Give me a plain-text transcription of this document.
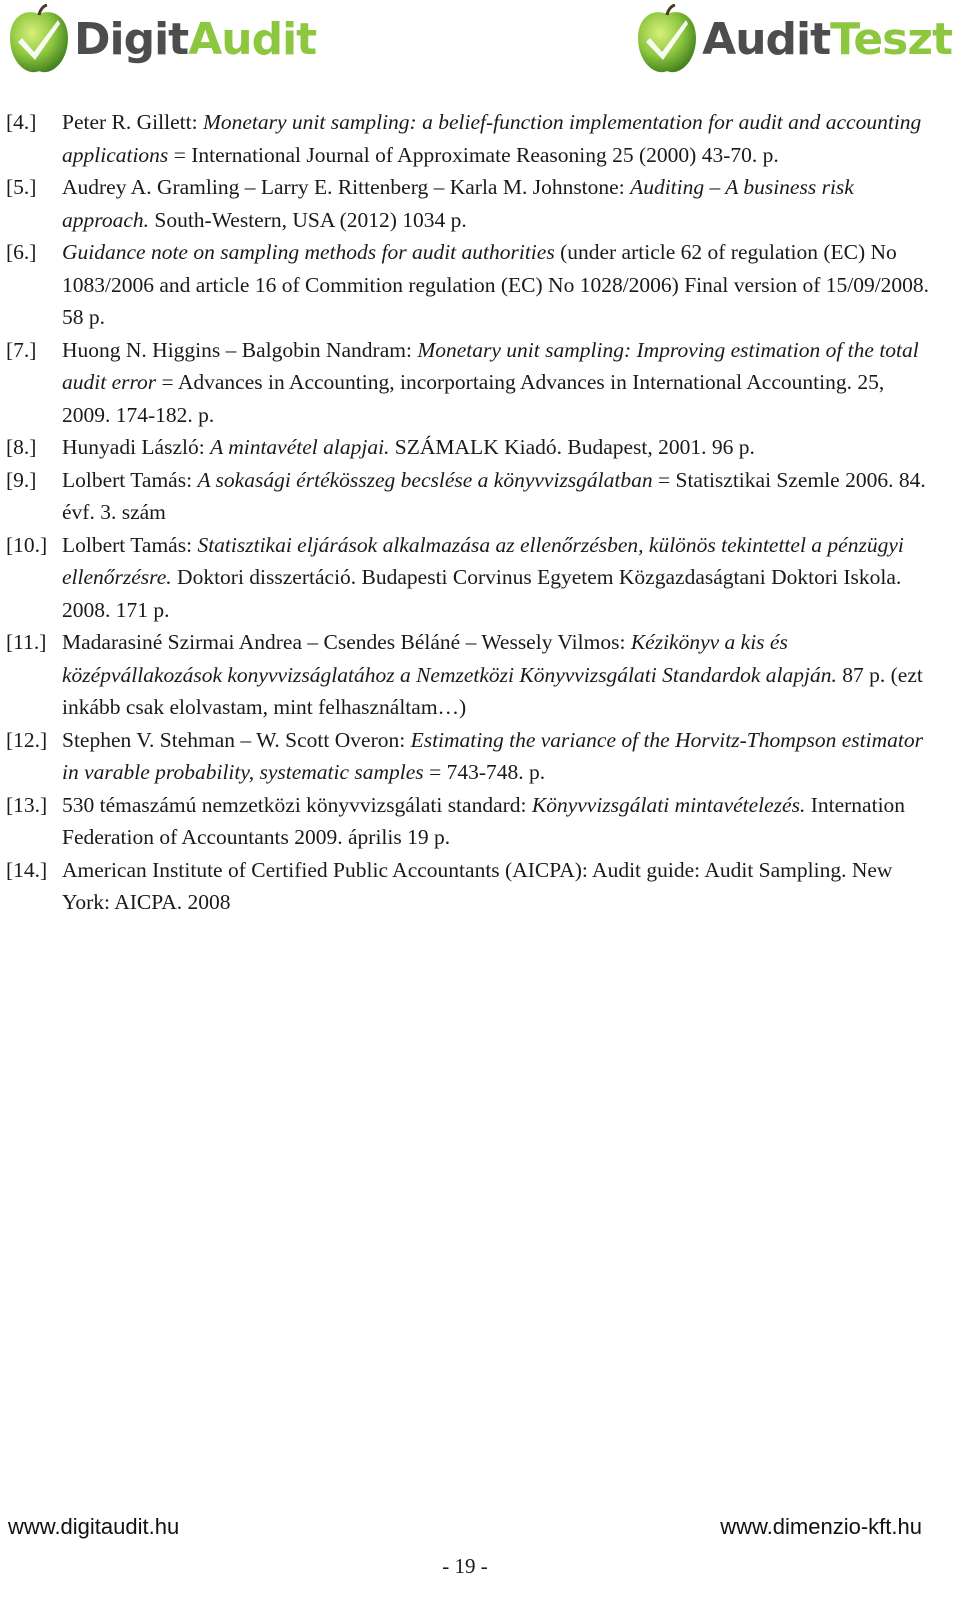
DigitAudit	AuditTeszt
[4.]	Peter R. Gillett: Monetary unit sampling: a belief-function implementation for audit and accounting applications = International Journal of Approximate Reasoning 25 (2000) 43-70. p.
[5.]	Audrey A. Gramling – Larry E. Rittenberg – Karla M. Johnstone: Auditing – A business risk approach. South-Western, USA (2012) 1034 p.
[6.]	Guidance note on sampling methods for audit authorities (under article 62 of regulation (EC) No 1083/2006 and article 16 of Commition regulation (EC) No 1028/2006) Final version of 15/09/2008. 58 p.
[7.]	Huong N. Higgins – Balgobin Nandram: Monetary unit sampling: Improving estimation of the total audit error = Advances in Accounting, incorportaing Advances in International Accounting. 25, 2009. 174-182. p.
[8.]	Hunyadi László: A mintavétel alapjai. SZÁMALK Kiadó. Budapest, 2001. 96 p.
[9.]	Lolbert Tamás: A sokasági értékösszeg becslése a könyvvizsgálatban = Statisztikai Szemle 2006. 84. évf. 3. szám
[10.] Lolbert Tamás: Statisztikai eljárások alkalmazása az ellenőrzésben, különös tekintettel a pénzügyi ellenőrzésre. Doktori disszertáció. Budapesti Corvinus Egyetem Közgazdaságtani Doktori Iskola. 2008. 171 p.
[11.] Madarasiné Szirmai Andrea – Csendes Béláné – Wessely Vilmos: Kézikönyv a kis és középvállakozások konyvvizságlatához a Nemzetközi Könyvvizsgálati Standardok alapján. 87 p. (ezt inkább csak elolvastam, mint felhasználtam…)
[12.] Stephen V. Stehman – W. Scott Overon: Estimating the variance of the Horvitz-Thompson estimator in varable probability, systematic samples = 743-748. p.
[13.] 530 témaszámú nemzetközi könyvvizsgálati standard: Könyvvizsgálati mintavételezés. Internation Federation of Accountants 2009. április 19 p.
[14.] American Institute of Certified Public Accountants (AICPA): Audit guide: Audit Sampling. New York: AICPA. 2008
www.digitaudit.hu	www.dimenzio-kft.hu
- 19 -
